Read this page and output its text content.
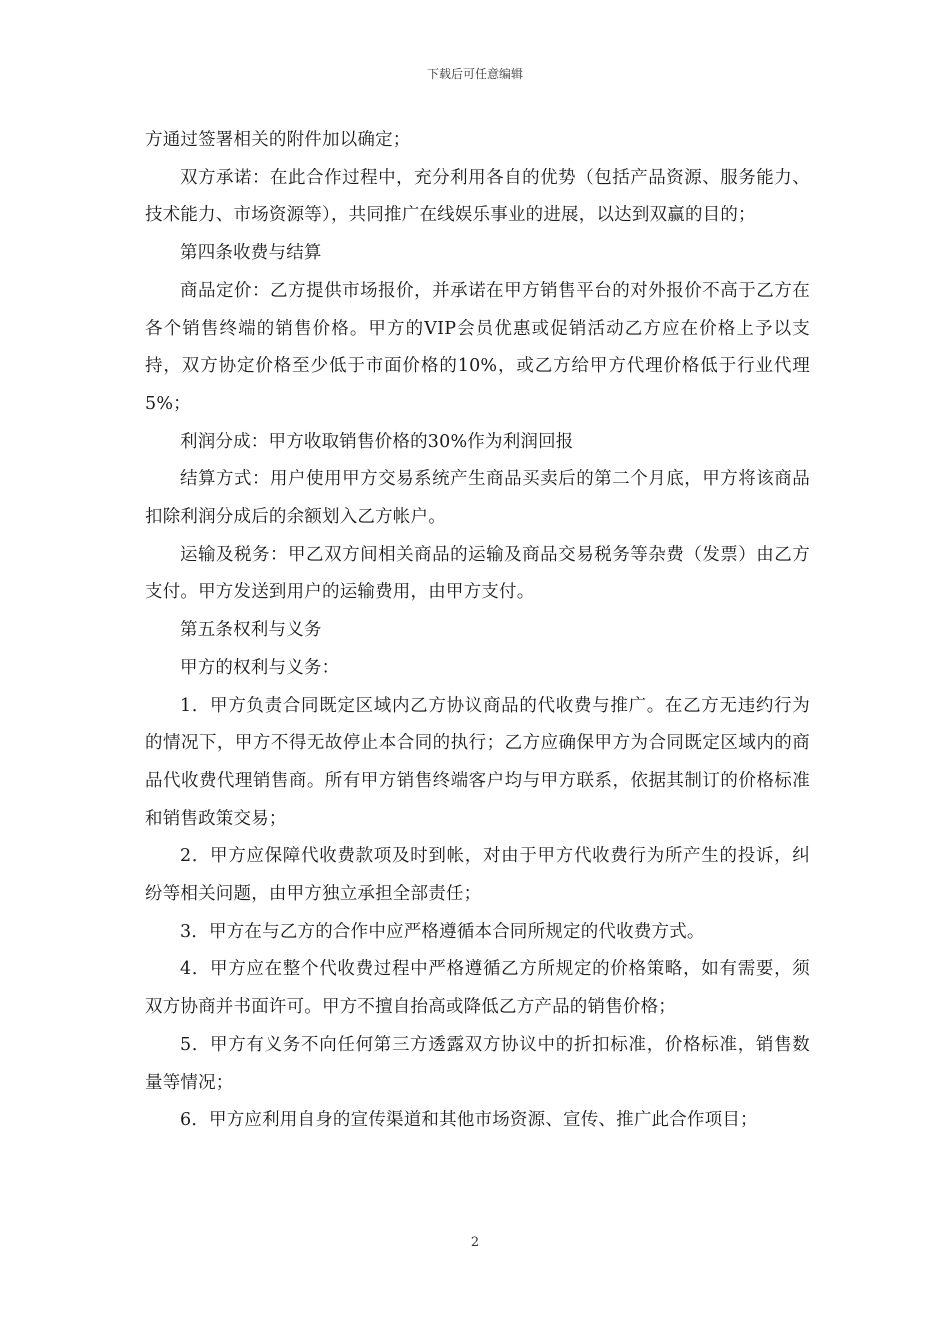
下载后可任意编辑

方通过签署相关的附件加以确定；

双方承诺：在此合作过程中，充分利用各自的优势（包括产品资源、服务能力、技术能力、市场资源等），共同推广在线娱乐事业的进展，以达到双赢的目的；

第四条收费与结算

商品定价：乙方提供市场报价，并承诺在甲方销售平台的对外报价不高于乙方在各个销售终端的销售价格。甲方的VIP会员优惠或促销活动乙方应在价格上予以支持，双方协定价格至少低于市面价格的10%，或乙方给甲方代理价格低于行业代理5%；

利润分成：甲方收取销售价格的30%作为利润回报

结算方式：用户使用甲方交易系统产生商品买卖后的第二个月底，甲方将该商品扣除利润分成后的余额划入乙方帐户。

运输及税务：甲乙双方间相关商品的运输及商品交易税务等杂费（发票）由乙方支付。甲方发送到用户的运输费用，由甲方支付。

第五条权利与义务

甲方的权利与义务：

1．甲方负责合同既定区域内乙方协议商品的代收费与推广。在乙方无违约行为的情况下，甲方不得无故停止本合同的执行；乙方应确保甲方为合同既定区域内的商品代收费代理销售商。所有甲方销售终端客户均与甲方联系，依据其制订的价格标准和销售政策交易；

2．甲方应保障代收费款项及时到帐，对由于甲方代收费行为所产生的投诉，纠纷等相关问题，由甲方独立承担全部责任；

3．甲方在与乙方的合作中应严格遵循本合同所规定的代收费方式。

4．甲方应在整个代收费过程中严格遵循乙方所规定的价格策略，如有需要，须双方协商并书面许可。甲方不擅自抬高或降低乙方产品的销售价格；

5．甲方有义务不向任何第三方透露双方协议中的折扣标准，价格标准，销售数量等情况；

6．甲方应利用自身的宣传渠道和其他市场资源、宣传、推广此合作项目；

2
